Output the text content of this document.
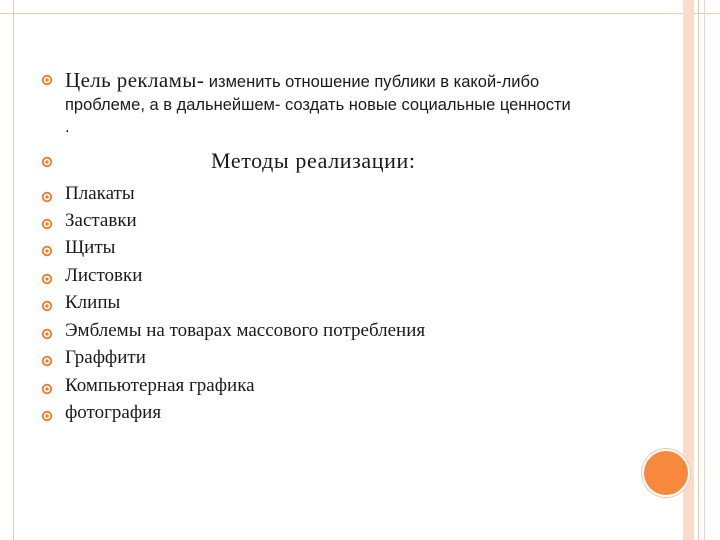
Цель рекламы- изменить отношение публики в какой-либо
проблеме, а в дальнейшем- создать новые социальные ценности
.
Методы реализации:
Плакаты
Заставки
Щиты
Листовки
Клипы
Эмблемы на товарах массового потребления
Граффити
Компьютерная графика
фотография
